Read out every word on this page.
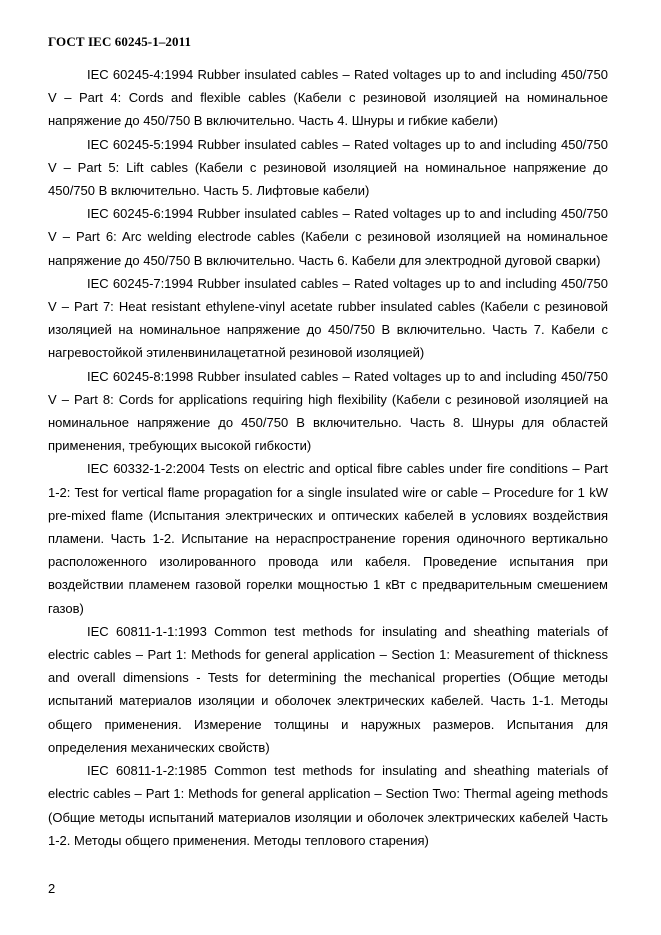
ГОСТ IEC 60245-1–2011

IEC 60245-4:1994 Rubber insulated cables – Rated voltages up to and including 450/750 V – Part 4: Cords and flexible cables (Кабели с резиновой изоляцией на номинальное напряжение до 450/750 В включительно. Часть 4. Шнуры и гибкие кабели)

IEC 60245-5:1994 Rubber insulated cables – Rated voltages up to and including 450/750 V – Part 5: Lift cables (Кабели с резиновой изоляцией на номинальное напряжение до 450/750 В включительно. Часть 5. Лифтовые кабели)

IEC 60245-6:1994 Rubber insulated cables – Rated voltages up to and including 450/750 V – Part 6: Arc welding electrode cables (Кабели с резиновой изоляцией на номинальное напряжение до 450/750 В включительно. Часть 6. Кабели для электродной дуговой сварки)

IEC 60245-7:1994 Rubber insulated cables – Rated voltages up to and including 450/750 V – Part 7: Heat resistant ethylene-vinyl acetate rubber insulated cables (Кабели с резиновой изоляцией на номинальное напряжение до 450/750 В включительно. Часть 7. Кабели с нагревостойкой этиленвинилацетатной резиновой изоляцией)

IEC 60245-8:1998 Rubber insulated cables – Rated voltages up to and including 450/750 V – Part 8: Cords for applications requiring high flexibility (Кабели с резиновой изоляцией на номинальное напряжение до 450/750 В включительно. Часть 8. Шнуры для областей применения, требующих высокой гибкости)

IEC 60332-1-2:2004 Tests on electric and optical fibre cables under fire conditions – Part 1-2: Test for vertical flame propagation for a single insulated wire or cable – Procedure for 1 kW pre-mixed flame (Испытания электрических и оптических кабелей в условиях воздействия пламени. Часть 1-2. Испытание на нераспространение горения одиночного вертикально расположенного изолированного провода или кабеля. Проведение испытания при воздействии пламенем газовой горелки мощностью 1 кВт с предварительным смешением газов)

IEC 60811-1-1:1993 Common test methods for insulating and sheathing materials of electric cables – Part 1: Methods for general application – Section 1: Measurement of thickness and overall dimensions - Tests for determining the mechanical properties (Общие методы испытаний материалов изоляции и оболочек электрических кабелей. Часть 1-1. Методы общего применения. Измерение толщины и наружных размеров. Испытания для определения механических свойств)

IEC 60811-1-2:1985 Common test methods for insulating and sheathing materials of electric cables – Part 1: Methods for general application – Section Two: Thermal ageing methods (Общие методы испытаний материалов изоляции и оболочек электрических кабелей Часть 1-2. Методы общего применения. Методы теплового старения)

2
